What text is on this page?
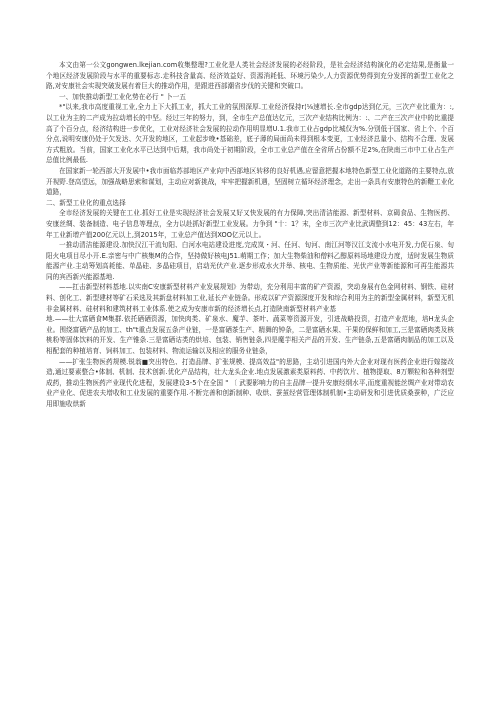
本文由第一公文gongwen.lkejian.com收集整理?工业化是人类社会经济发展的必经阶段，是社会经济结构演化的必定结果,是衡量一个地区经济发展阶段与水平的重要标志.走科技含量高、经济效益好、资源消耗低、环境污染少,人力资源优势得到充分发挥的新型工业化之路,对安康社会实现突破发展有着巨大的推动作用，是跟进西部潮省步伐的关键和突破口。

一、加快推动新型工业化势在必行 " 卜一五

*"以来,我市高度重视工业,全力上下大抓工业，抓大工业的氛围深厚.工业经济保持r¦⅛速增长.全市gdp达到亿元，三次产业比重为：:,以工业为主的二产成为拉动增长的中坚。经过三年的努力，到，全市生产总值达亿元，三次产业结构比例为：:、二产在三次产业中的比重提高了个百分点，经济结构进一步优化，工业对经济社会发展的拉动作用明显增U.1.我市工业占gdp比城仅为%.分别低于国家、省上个、个百分点,说明安康仍处于欠发达、欠开发的地区，工业起步晚•基础差，底子薄的局面尚未得到根本变更，工业经济总量小、结构不合理、发展方式粗放。当前，国家工业化水平已达到中后期，我市尚处于初期阶段，全市工业总产值在全省所占份额不足2%,在陕南三市中工业占生产总值比例最低.

在国家新一轮西部大开发展中•我市面临苏部地区产业向中西部地区转移的良好机遇,应留意把握本地特色新型工业化道路的主要特点,放开视野.登高望远，加强战略思索和谋划，主动应对新挑战，牢牢把握新机遇，坚固树立循环经济理念，走出一条具有安康特色的新鞭工业化道路，

二、新型工业化的重点选择

全市经济发展的关键在工业.抓好工业是实现经济社会发展又好又快发展的有力保障,突出清洁能源、新型材料、京碣食品、生物医药、安康丝绸、装备制造、电子信息等理点，全力以赴抓好新型工业发展。力争到 "十：1？末，全市三次产业比武调整到12：45：43左右，年年工业新增产值200亿元以上,到2015年，工业总产值达到XOO亿元以上。

一推动清洁能源建设.加快汉江干流旬阳、白河水电站建设进度,完成岚・河、任河、旬河、南江河等汉江支流小水电开发,力促石泉、旬阳火电项目尽小开.E.亲密与中广核集M的合作，坚持做好核电J51.萌期工作；加大生物柴油和僧料乙醇原料场地建设力度，适时发展生物质能源产业.主动筹划高耗能、单晶硅、多晶硅项目，启动光伏产业.逐步形成水火并举、核电、生物质能、光伏产业等新能源和可再生能源共同的宾西新兴能源基地.

——扛击新型材料基地.以实南C安康新型材料产业发展规划》为带动，充分利用丰富的矿产资源，突动身展有色金网材料、钢铁、硅材料、创化工、新型建材等矿石采选及其新盘材料加工业,延长产业链条。形成以矿产资源深度开发和综合利用为主的新型金属材料，新型无机非金属材料、硅材料和建筑材料工业体系.使之成为安康市新的经济增长点,打造陕南新型材料产业基

地.——壮大富硒食M集群.依托硒硒资源，加快肉类、矿泉水、魔芋、茶叶、蔬菜等资源开发，引进战略投资，打造产业范地，培H龙头企业。围绕富硒产品的加工、th"t重点发展五条产业链，一是富硒茶生产、精舞的钟条，二是富硒水果、干果的保鲜和加工,三是富硒肉类及核桃粉等固体饮料的开发、生产锥条.三是富硒诂类的烘培、包装、销售链条,四是魔芋相关产品的开发、生产链条,五是富硒肉制品的加工以及相配套的种植培育、饲料加工、包装材料、物流运输以及相应的服务业链条，

——扩张生物医药规模.锐翁■突出特色、打造品牌、扩张规模、提高效益"的思路，主动引进国内外大企业对现有医药企业进行嫁接改造,通过要素整合•体制、机制、技术创新.优化产品结构，壮大龙头企业.地点发展激素类原料药、中药饮片、植物提取、8万颗粒和各种剂型成药，推动生物医药产业现代化进程，发展建设3-5个在全国 " 〔 武要影响力的自主品牌一提升安康经纲水平,而度重视能丝绸产业对带动农业产业化、促进农夫增收和工业发展的重要作用.不断完善和创新制种、收烘、蚕茧经营管理体制机制•主动研发和引进优质桑蚕种，广泛应用即施收烘新
